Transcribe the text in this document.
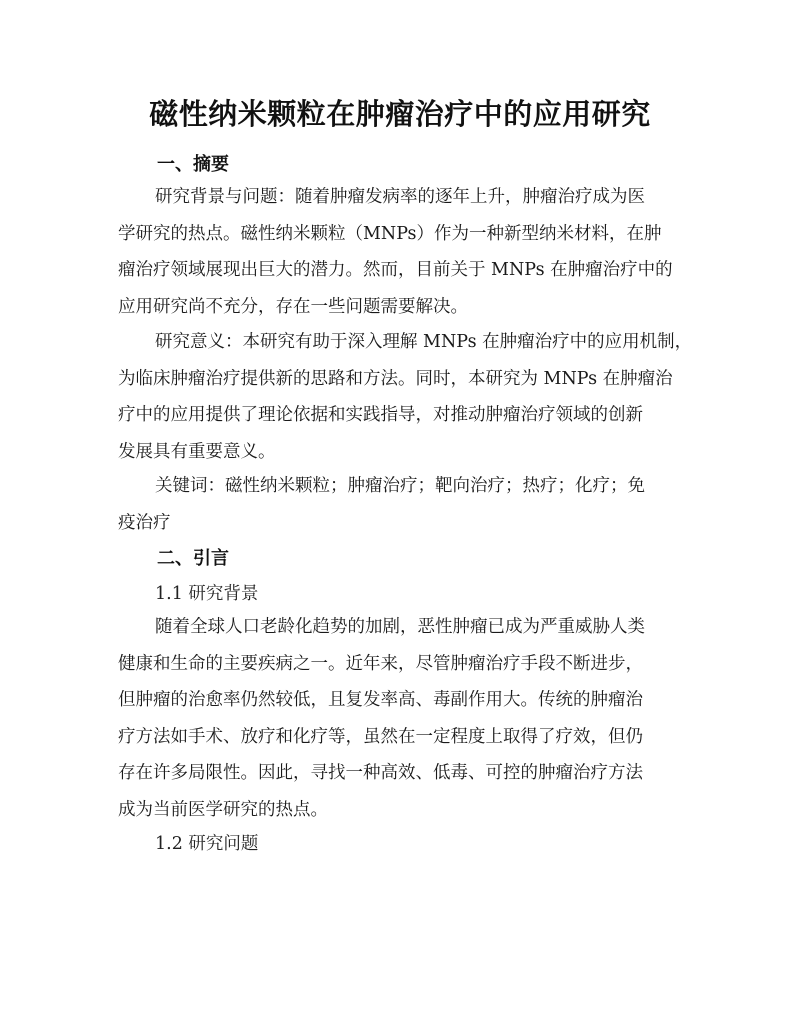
磁性纳米颗粒在肿瘤治疗中的应用研究
一、摘要

研究背景与问题：随着肿瘤发病率的逐年上升，肿瘤治疗成为医
学研究的热点。磁性纳米颗粒（MNPs）作为一种新型纳米材料，在肿
瘤治疗领域展现出巨大的潜力。然而，目前关于 MNPs 在肿瘤治疗中的
应用研究尚不充分，存在一些问题需要解决。

研究意义：本研究有助于深入理解 MNPs 在肿瘤治疗中的应用机制，
为临床肿瘤治疗提供新的思路和方法。同时，本研究为 MNPs 在肿瘤治
疗中的应用提供了理论依据和实践指导，对推动肿瘤治疗领域的创新
发展具有重要意义。

关键词：磁性纳米颗粒；肿瘤治疗；靶向治疗；热疗；化疗；免
疫治疗

二、引言
1.1 研究背景

随着全球人口老龄化趋势的加剧，恶性肿瘤已成为严重威胁人类
健康和生命的主要疾病之一。近年来，尽管肿瘤治疗手段不断进步，
但肿瘤的治愈率仍然较低，且复发率高、毒副作用大。传统的肿瘤治
疗方法如手术、放疗和化疗等，虽然在一定程度上取得了疗效，但仍
存在许多局限性。因此，寻找一种高效、低毒、可控的肿瘤治疗方法
成为当前医学研究的热点。

1.2 研究问题
